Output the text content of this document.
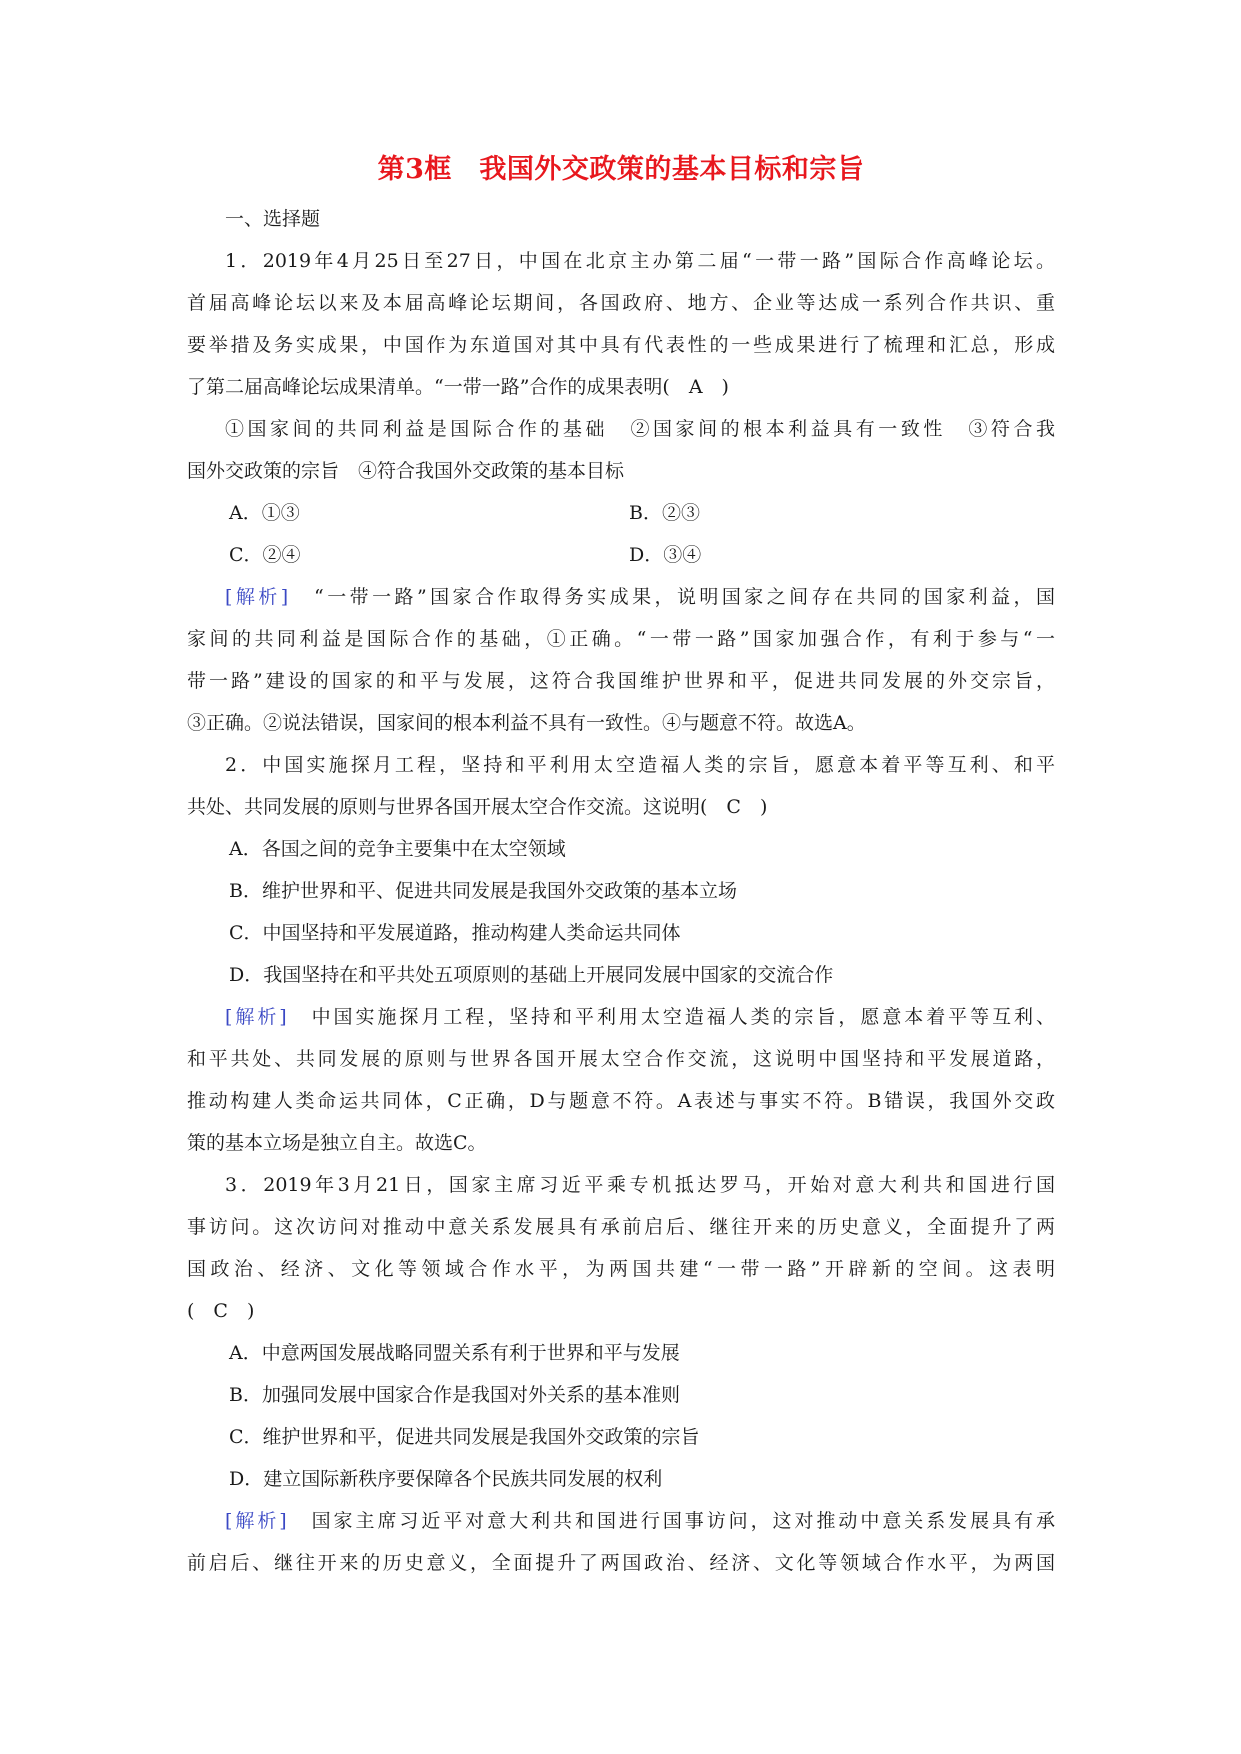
第3框　我国外交政策的基本目标和宗旨
一、选择题
1．2019年4月25日至27日，中国在北京主办第二届“一带一路”国际合作高峰论坛。
首届高峰论坛以来及本届高峰论坛期间，各国政府、地方、企业等达成一系列合作共识、重
要举措及务实成果，中国作为东道国对其中具有代表性的一些成果进行了梳理和汇总，形成
了第二届高峰论坛成果清单。“一带一路”合作的成果表明(　A　)
①国家间的共同利益是国际合作的基础　②国家间的根本利益具有一致性　③符合我
国外交政策的宗旨　④符合我国外交政策的基本目标
A．①③	B．②③
C．②④	D．③④
[解析]　“一带一路”国家合作取得务实成果，说明国家之间存在共同的国家利益，国
家间的共同利益是国际合作的基础，①正确。“一带一路”国家加强合作，有利于参与“一
带一路”建设的国家的和平与发展，这符合我国维护世界和平，促进共同发展的外交宗旨，
③正确。②说法错误，国家间的根本利益不具有一致性。④与题意不符。故选A。
2．中国实施探月工程，坚持和平利用太空造福人类的宗旨，愿意本着平等互利、和平
共处、共同发展的原则与世界各国开展太空合作交流。这说明(　C　)
A．各国之间的竞争主要集中在太空领域
B．维护世界和平、促进共同发展是我国外交政策的基本立场
C．中国坚持和平发展道路，推动构建人类命运共同体
D．我国坚持在和平共处五项原则的基础上开展同发展中国家的交流合作
[解析]　中国实施探月工程，坚持和平利用太空造福人类的宗旨，愿意本着平等互利、
和平共处、共同发展的原则与世界各国开展太空合作交流，这说明中国坚持和平发展道路，
推动构建人类命运共同体，C正确，D与题意不符。A表述与事实不符。B错误，我国外交政
策的基本立场是独立自主。故选C。
3．2019年3月21日，国家主席习近平乘专机抵达罗马，开始对意大利共和国进行国
事访问。这次访问对推动中意关系发展具有承前启后、继往开来的历史意义，全面提升了两
国政治、经济、文化等领域合作水平，为两国共建“一带一路”开辟新的空间。这表明
(　C　)
A．中意两国发展战略同盟关系有利于世界和平与发展
B．加强同发展中国家合作是我国对外关系的基本准则
C．维护世界和平，促进共同发展是我国外交政策的宗旨
D．建立国际新秩序要保障各个民族共同发展的权利
[解析]　国家主席习近平对意大利共和国进行国事访问，这对推动中意关系发展具有承
前启后、继往开来的历史意义，全面提升了两国政治、经济、文化等领域合作水平，为两国
